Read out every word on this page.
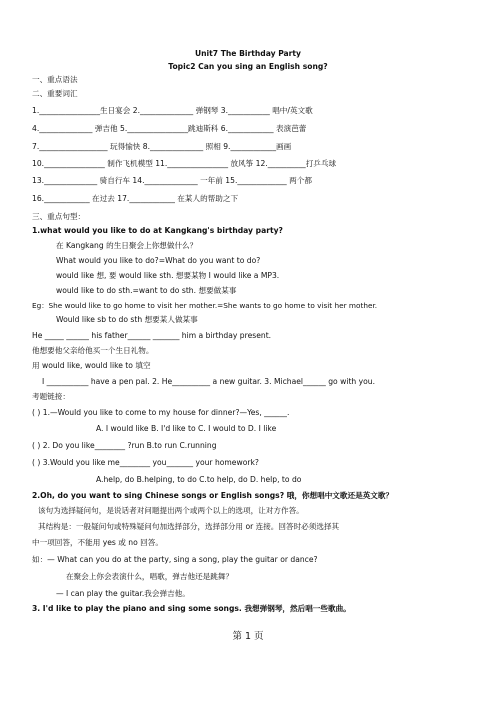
Unit7 The Birthday Party
Topic2 Can you sing an English song?
一、重点语法
二、重要词汇
1.________________生日宴会 2.______________ 弹钢琴 3.___________ 唱中/英文歌
4.______________ 弹吉他 5.________________跳迪斯科 6.____________ 表演芭蕾
7.__________________ 玩得愉快 8.______________ 照相 9.____________画画
10.________________ 制作飞机模型 11.________________ 放风筝 12.__________打乒乓球
13.______________ 骑自行车 14.______________ 一年前 15._____________ 两个都
16.____________ 在过去 17.____________ 在某人的帮助之下
三、重点句型：
1.what would you like to do at Kangkang's birthday party?
在 Kangkang 的生日聚会上你想做什么？
What would you like to do?=What do you want to do?
would like 想, 要 would like sth. 想要某物 I would like a MP3.
would like to do sth.=want to do sth. 想要做某事
Eg：She would like to go home to visit her mother.=She wants to go home to visit her mother.
Would like sb to do sth 想要某人做某事
He _____ ______ his father______ _______ him a birthday present.
他想要他父亲给他买一个生日礼物。
用 would like, would like to 填空
I ___________ have a pen pal. 2. He__________ a new guitar. 3. Michael______ go with you.
考题链接：
( ) 1.—Would you like to come to my house for dinner?—Yes, ______.
A. I would like B. I'd like to C. I would to D. I like
( ) 2. Do you like________ ?run B.to run C.running
( ) 3.Would you like me________ you_______ your homework?
A.help, do B.helping, to do C.to help, do D. help, to do
2.Oh, do you want to sing Chinese songs or English songs? 哦，你想唱中文歌还是英文歌？
该句为选择疑问句，是说话者对问题提出两个或两个以上的选项，让对方作答。
其结构是：一般疑问句或特殊疑问句加选择部分，选择部分用 or 连接。回答时必须选择其
中一项回答，不能用 yes 或 no 回答。
如：— What can you do at the party, sing a song, play the guitar or dance?
在聚会上你会表演什么，唱歌，弹吉他还是跳舞？
— I can play the guitar.我会弹吉他。
3. I'd like to play the piano and sing some songs. 我想弹钢琴，然后唱一些歌曲。
第 1 页
